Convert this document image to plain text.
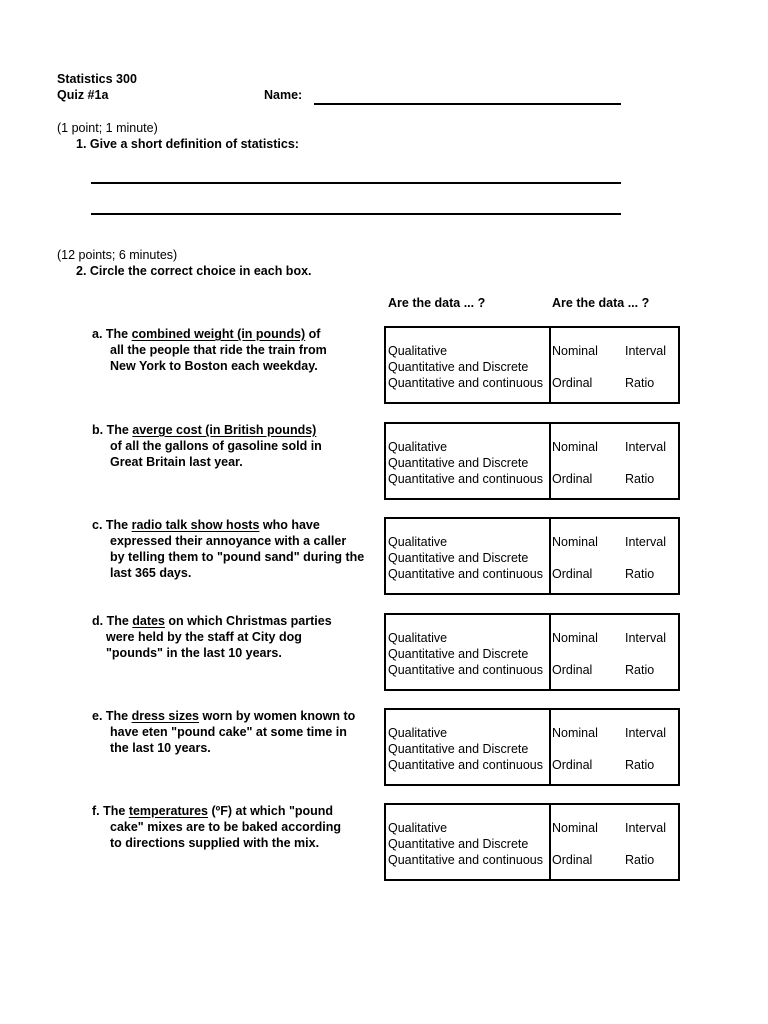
Statistics 300
Quiz #1a	Name:
(1 point; 1 minute)
1. Give a short definition of statistics:
(12 points; 6 minutes)
2. Circle the correct choice in each box.
Are the data ... ?	Are the data ... ?
a. The combined weight (in pounds) of
all the people that ride the train from
New York to Boston each weekday.
Qualitative
Quantitative and Discrete
Quantitative and continuous
Nominal Interval
Ordinal	Ratio
b. The averge cost (in British pounds)
of all the gallons of gasoline sold in
Great Britain last year.
Qualitative
Quantitative and Discrete
Quantitative and continuous
Nominal Interval
Ordinal	Ratio
c. The radio talk show hosts who have
expressed their annoyance with a caller
by telling them to "pound sand" during the
last 365 days.
Qualitative
Quantitative and Discrete
Quantitative and continuous
Nominal Interval
Ordinal	Ratio
d. The dates on which Christmas parties
were held by the staff at City dog
"pounds" in the last 10 years.
Qualitative
Quantitative and Discrete
Quantitative and continuous
Nominal Interval
Ordinal	Ratio
e. The dress sizes worn by women known to
have eten "pound cake" at some time in
the last 10 years.
Qualitative
Quantitative and Discrete
Quantitative and continuous
Nominal Interval
Ordinal	Ratio
f. The temperatures (ºF) at which "pound
cake" mixes are to be baked according
to directions supplied with the mix.
Qualitative
Quantitative and Discrete
Quantitative and continuous
Nominal Interval
Ordinal	Ratio
